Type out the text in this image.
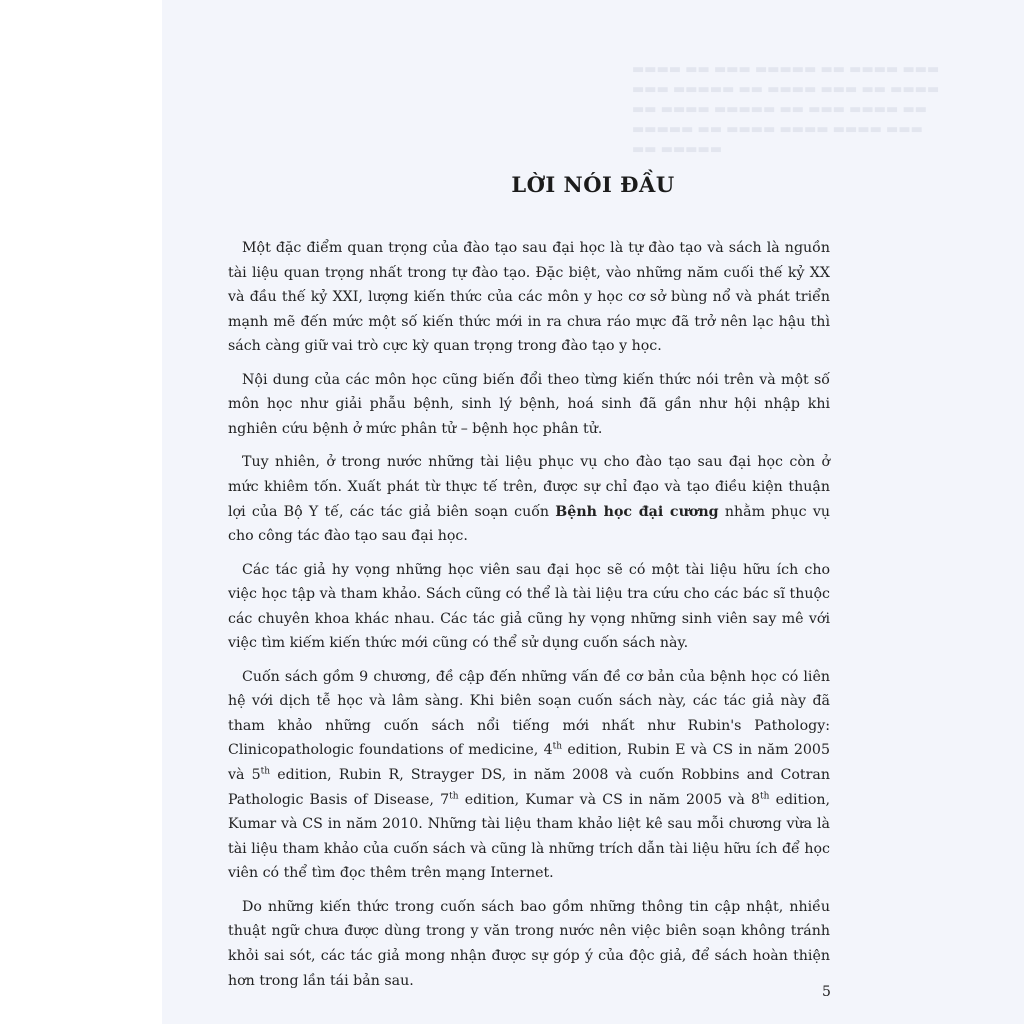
▬▬▬▬ ▬▬ ▬▬▬ ▬▬▬▬▬ ▬▬ ▬▬▬▬ ▬▬▬
▬▬▬ ▬▬▬▬▬ ▬▬ ▬▬▬▬ ▬▬▬ ▬▬ ▬▬▬▬
▬▬ ▬▬▬▬ ▬▬▬▬▬ ▬▬ ▬▬▬ ▬▬▬▬ ▬▬
▬▬▬▬▬ ▬▬ ▬▬▬▬ ▬▬▬▬ ▬▬▬▬ ▬▬▬
▬▬ ▬▬▬▬▬
LỜI NÓI ĐẦU

Một đặc điểm quan trọng của đào tạo sau đại học là tự đào tạo và sách là nguồn tài liệu quan trọng nhất trong tự đào tạo. Đặc biệt, vào những năm cuối thế kỷ XX và đầu thế kỷ XXI, lượng kiến thức của các môn y học cơ sở bùng nổ và phát triển mạnh mẽ đến mức một số kiến thức mới in ra chưa ráo mực đã trở nên lạc hậu thì sách càng giữ vai trò cực kỳ quan trọng trong đào tạo y học.

Nội dung của các môn học cũng biến đổi theo từng kiến thức nói trên và một số môn học như giải phẫu bệnh, sinh lý bệnh, hoá sinh đã gần như hội nhập khi nghiên cứu bệnh ở mức phân tử – bệnh học phân tử.

Tuy nhiên, ở trong nước những tài liệu phục vụ cho đào tạo sau đại học còn ở mức khiêm tốn. Xuất phát từ thực tế trên, được sự chỉ đạo và tạo điều kiện thuận lợi của Bộ Y tế, các tác giả biên soạn cuốn Bệnh học đại cương nhằm phục vụ cho công tác đào tạo sau đại học.

Các tác giả hy vọng những học viên sau đại học sẽ có một tài liệu hữu ích cho việc học tập và tham khảo. Sách cũng có thể là tài liệu tra cứu cho các bác sĩ thuộc các chuyên khoa khác nhau. Các tác giả cũng hy vọng những sinh viên say mê với việc tìm kiếm kiến thức mới cũng có thể sử dụng cuốn sách này.

Cuốn sách gồm 9 chương, đề cập đến những vấn đề cơ bản của bệnh học có liên hệ với dịch tễ học và lâm sàng. Khi biên soạn cuốn sách này, các tác giả này đã tham khảo những cuốn sách nổi tiếng mới nhất như Rubin's Pathology: Clinicopathologic foundations of medicine, 4th edition, Rubin E và CS in năm 2005 và 5th edition, Rubin R, Strayger DS, in năm 2008 và cuốn Robbins and Cotran Pathologic Basis of Disease, 7th edition, Kumar và CS in năm 2005 và 8th edition, Kumar và CS in năm 2010. Những tài liệu tham khảo liệt kê sau mỗi chương vừa là tài liệu tham khảo của cuốn sách và cũng là những trích dẫn tài liệu hữu ích để học viên có thể tìm đọc thêm trên mạng Internet.

Do những kiến thức trong cuốn sách bao gồm những thông tin cập nhật, nhiều thuật ngữ chưa được dùng trong y văn trong nước nên việc biên soạn không tránh khỏi sai sót, các tác giả mong nhận được sự góp ý của độc giả, để sách hoàn thiện hơn trong lần tái bản sau.

5
